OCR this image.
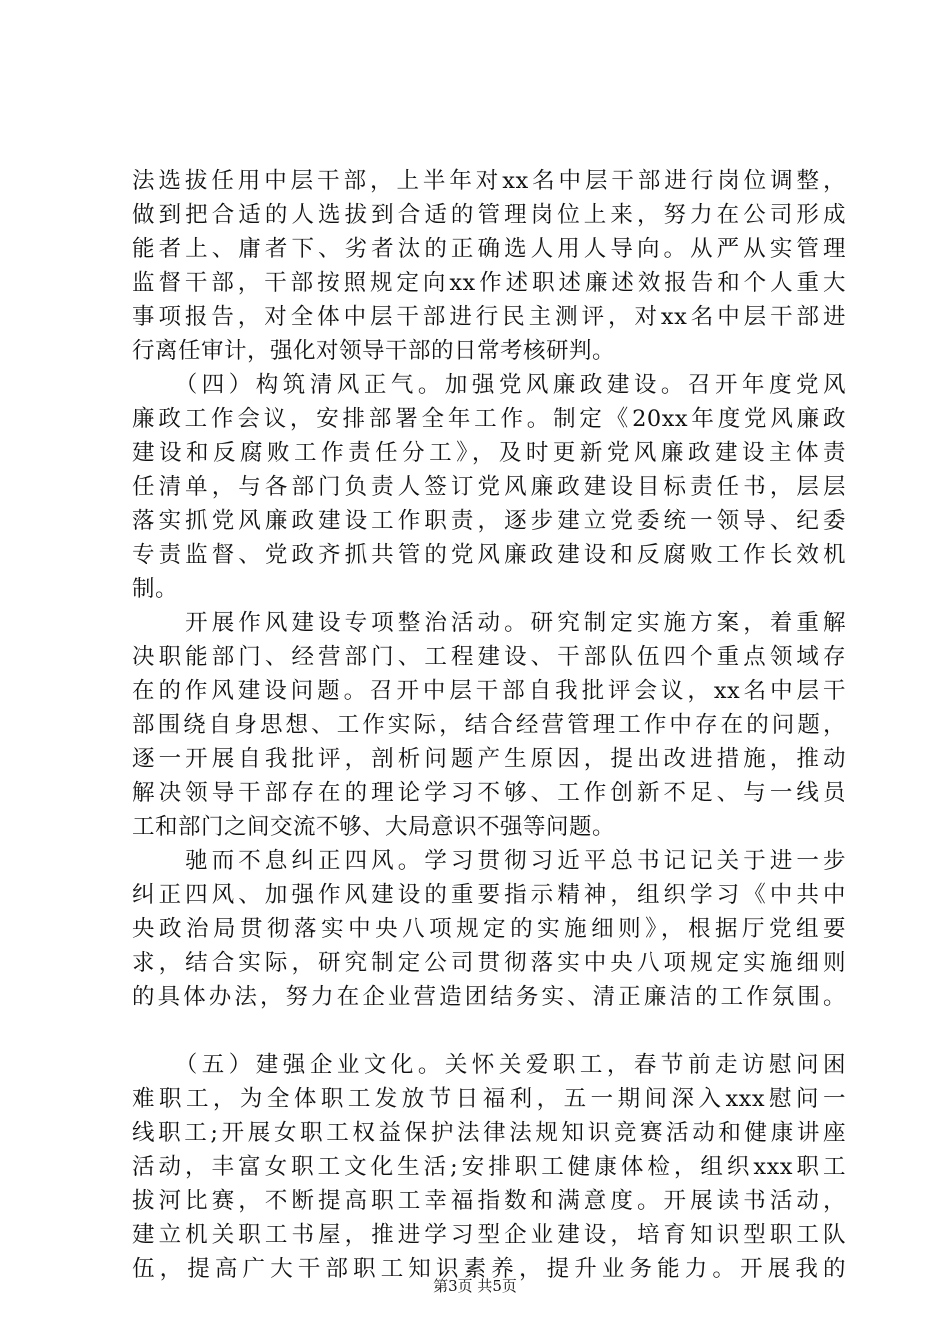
法选拔任用中层干部，上半年对xx名中层干部进行岗位调整，
做到把合适的人选拔到合适的管理岗位上来，努力在公司形成
能者上、庸者下、劣者汰的正确选人用人导向。从严从实管理
监督干部，干部按照规定向xx作述职述廉述效报告和个人重大
事项报告，对全体中层干部进行民主测评，对xx名中层干部进
行离任审计，强化对领导干部的日常考核研判。
　　（四）构筑清风正气。加强党风廉政建设。召开年度党风
廉政工作会议，安排部署全年工作。制定《20xx年度党风廉政
建设和反腐败工作责任分工》，及时更新党风廉政建设主体责
任清单，与各部门负责人签订党风廉政建设目标责任书，层层
落实抓党风廉政建设工作职责，逐步建立党委统一领导、纪委
专责监督、党政齐抓共管的党风廉政建设和反腐败工作长效机
制。
　　开展作风建设专项整治活动。研究制定实施方案，着重解
决职能部门、经营部门、工程建设、干部队伍四个重点领域存
在的作风建设问题。召开中层干部自我批评会议，xx名中层干
部围绕自身思想、工作实际，结合经营管理工作中存在的问题，
逐一开展自我批评，剖析问题产生原因，提出改进措施，推动
解决领导干部存在的理论学习不够、工作创新不足、与一线员
工和部门之间交流不够、大局意识不强等问题。
　　驰而不息纠正四风。学习贯彻习近平总书记记关于进一步
纠正四风、加强作风建设的重要指示精神，组织学习《中共中
央政治局贯彻落实中央八项规定的实施细则》，根据厅党组要
求，结合实际，研究制定公司贯彻落实中央八项规定实施细则
的具体办法，努力在企业营造团结务实、清正廉洁的工作氛围。
　　（五）建强企业文化。关怀关爱职工，春节前走访慰问困
难职工，为全体职工发放节日福利，五一期间深入xxx慰问一
线职工;开展女职工权益保护法律法规知识竞赛活动和健康讲座
活动，丰富女职工文化生活;安排职工健康体检，组织xxx职工
拔河比赛，不断提高职工幸福指数和满意度。开展读书活动，
建立机关职工书屋，推进学习型企业建设，培育知识型职工队
伍，提高广大干部职工知识素养，提升业务能力。开展我的
第3页 共5页
